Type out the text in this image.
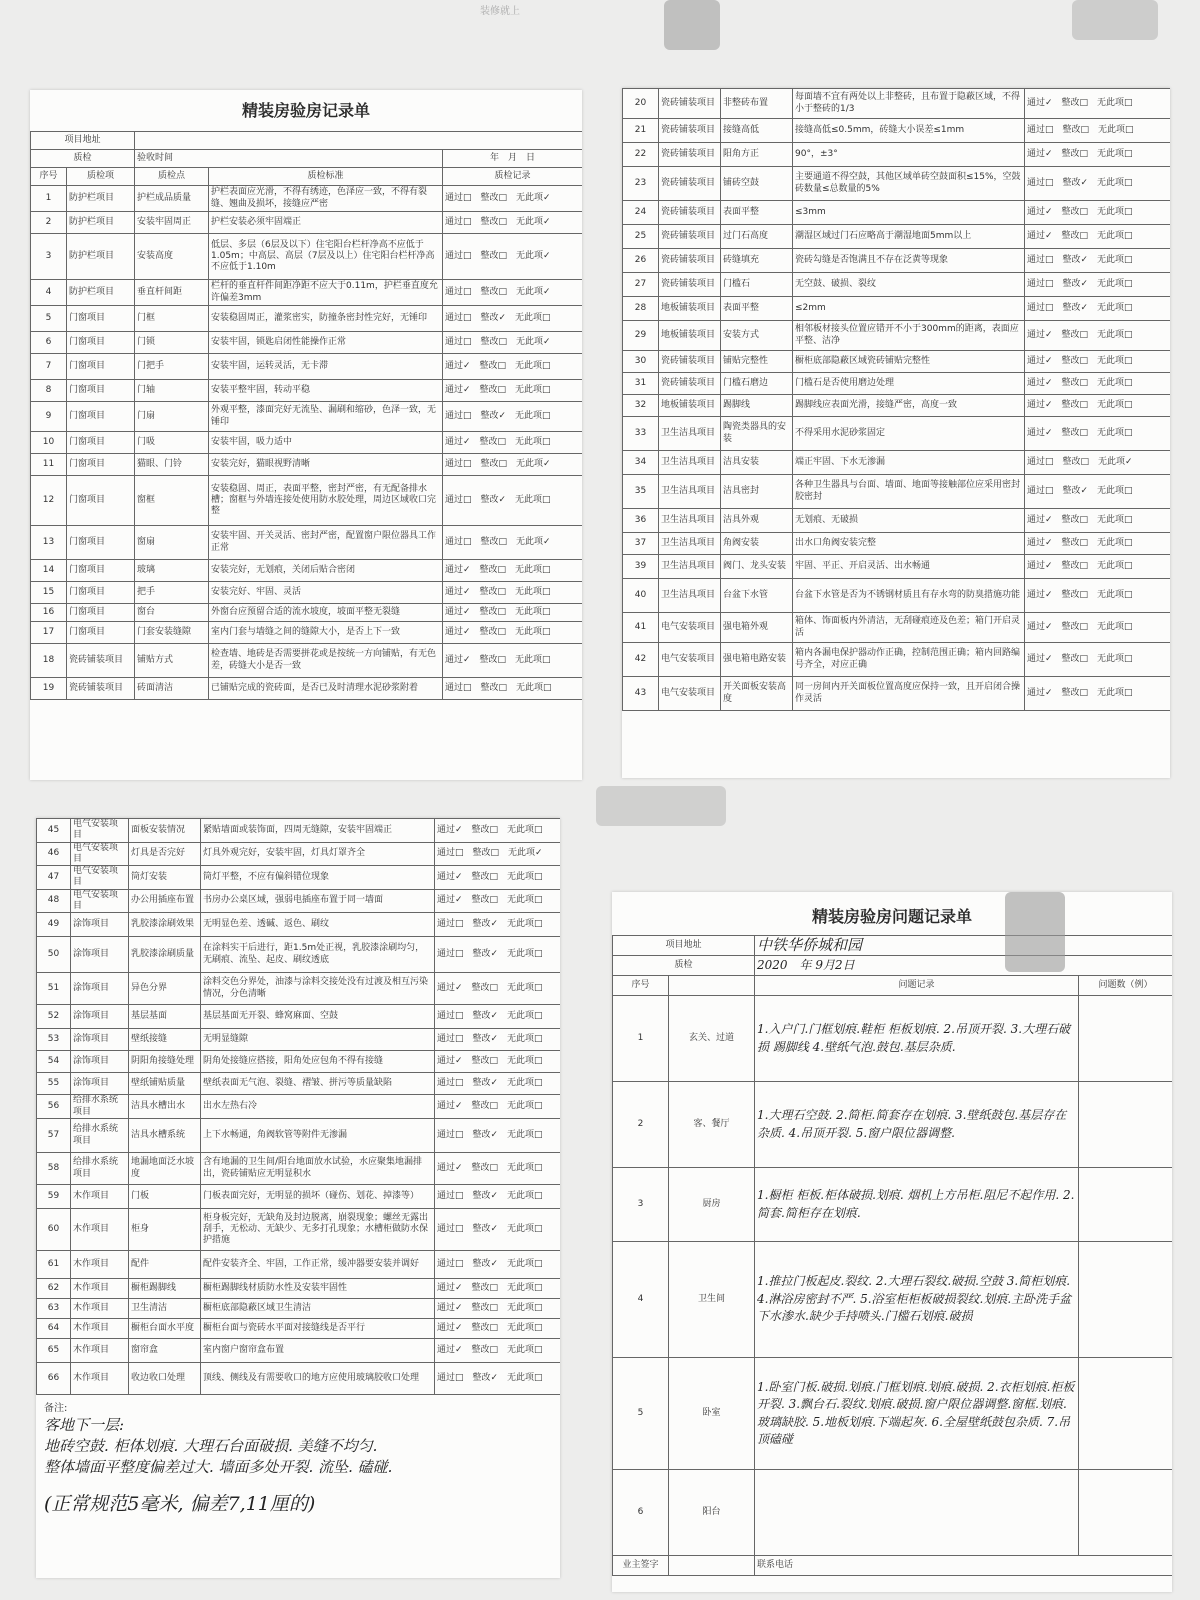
装修就上
精装房验房记录单
项目地址				
质检		验收时间		年　月　日
序号	质检项	质检点	质检标准	质检记录
1	防护栏项目	护栏成品质量	护栏表面应光滑，不得有绣迹，色泽应一致，不得有裂缝、翘曲及损坏，接缝应严密	通过□　整改□　无此项✓
2	防护栏项目	安装牢固周正	护栏安装必须牢固端正	通过□　整改□　无此项✓
3	防护栏项目	安装高度	低层、多层（6层及以下）住宅阳台栏杆净高不应低于1.05m；中高层、高层（7层及以上）住宅阳台栏杆净高不应低于1.10m	通过□　整改□　无此项✓
4	防护栏项目	垂直杆间距	栏杆的垂直杆件间距净距不应大于0.11m，护栏垂直度允许偏差3mm	通过□　整改□　无此项✓
5	门窗项目	门框	安装稳固周正，灌浆密实，防撞条密封性完好，无锤印	通过□　整改✓　无此项□
6	门窗项目	门锁	安装牢固，锁匙启闭性能操作正常	通过□　整改□　无此项✓
7	门窗项目	门把手	安装牢固，运转灵活，无卡滞	通过✓　整改□　无此项□
8	门窗项目	门轴	安装平整牢固，转动平稳	通过✓　整改□　无此项□
9	门窗项目	门扇	外观平整，漆面完好无流坠、漏刷和缩砂，色泽一致，无锤印	通过□　整改✓　无此项□
10	门窗项目	门吸	安装牢固，吸力适中	通过✓　整改□　无此项□
11	门窗项目	猫眼、门铃	安装完好，猫眼视野清晰	通过□　整改□　无此项✓
12	门窗项目	窗框	安装稳固、周正，表面平整，密封严密，有无配备排水槽；窗框与外墙连接处使用防水胶处理，周边区域收口完整	通过□　整改✓　无此项□
13	门窗项目	窗扇	安装牢固、开关灵活、密封严密，配置窗户限位器具工作正常	通过□　整改□　无此项✓
14	门窗项目	玻璃	安装完好，无划痕，关闭后贴合密闭	通过✓　整改□　无此项□
15	门窗项目	把手	安装完好、牢固、灵活	通过✓　整改□　无此项□
16	门窗项目	窗台	外窗台应预留合适的流水坡度，坡面平整无裂缝	通过✓　整改□　无此项□
17	门窗项目	门套安装缝隙	室内门套与墙缝之间的缝隙大小，是否上下一致	通过✓　整改□　无此项□
18	瓷砖铺装项目	铺贴方式	检查墙、地砖是否需要拼花或是按统一方向铺贴，有无色差，砖缝大小是否一致	通过✓　整改□　无此项□
19	瓷砖铺装项目	砖面清洁	已铺贴完成的瓷砖面，是否已及时清理水泥砂浆附着	通过□　整改□　无此项□
20	瓷砖铺装项目	非整砖布置	每面墙不宜有两处以上非整砖，且布置于隐蔽区域，不得小于整砖的1/3	通过✓　整改□　无此项□
21	瓷砖铺装项目	接缝高低	接缝高低≤0.5mm，砖缝大小误差≤1mm	通过□　整改□　无此项□
22	瓷砖铺装项目	阳角方正	90°，±3°	通过✓　整改□　无此项□
23	瓷砖铺装项目	铺砖空鼓	主要通道不得空鼓，其他区域单砖空鼓面积≤15%，空鼓砖数量≤总数量的5%	通过□　整改✓　无此项□
24	瓷砖铺装项目	表面平整	≤3mm	通过✓　整改□　无此项□
25	瓷砖铺装项目	过门石高度	潮湿区域过门石应略高于潮湿地面5mm以上	通过✓　整改□　无此项□
26	瓷砖铺装项目	砖缝填充	瓷砖勾缝是否饱满且不存在泛黄等现象	通过□　整改✓　无此项□
27	瓷砖铺装项目	门槛石	无空鼓、破损、裂纹	通过□　整改✓　无此项□
28	地板铺装项目	表面平整	≤2mm	通过□　整改✓　无此项□
29	地板铺装项目	安装方式	相邻板材接头位置应错开不小于300mm的距离，表面应平整、洁净	通过✓　整改□　无此项□
30	瓷砖铺装项目	铺贴完整性	橱柜底部隐蔽区域瓷砖铺贴完整性	通过✓　整改□　无此项□
31	瓷砖铺装项目	门槛石磨边	门槛石是否使用磨边处理	通过✓　整改□　无此项□
32	地板铺装项目	踢脚线	踢脚线应表面光滑，接缝严密，高度一致	通过✓　整改□　无此项□
33	卫生洁具项目	陶瓷类器具的安装	不得采用水泥砂浆固定	通过✓　整改□　无此项□
34	卫生洁具项目	洁具安装	端正牢固、下水无渗漏	通过□　整改□　无此项✓
35	卫生洁具项目	洁具密封	各种卫生器具与台面、墙面、地面等接触部位应采用密封胶密封	通过□　整改✓　无此项□
36	卫生洁具项目	洁具外观	无划痕、无破损	通过✓　整改□　无此项□
37	卫生洁具项目	角阀安装	出水口角阀安装完整	通过✓　整改□　无此项□
39	卫生洁具项目	阀门、龙头安装	牢固、平正、开启灵活、出水畅通	通过✓　整改□　无此项□
40	卫生洁具项目	台盆下水管	台盆下水管是否为不锈钢材质且有存水弯的防臭措施功能	通过✓　整改□　无此项□
41	电气安装项目	强电箱外观	箱体、饰面板内外清洁，无刮碰痕迹及色差；箱门开启灵活	通过✓　整改□　无此项□
42	电气安装项目	强电箱电路安装	箱内各漏电保护器动作正确，控制范围正确；箱内回路编号齐全，对应正确	通过✓　整改□　无此项□
43	电气安装项目	开关面板安装高度	同一房间内开关面板位置高度应保持一致，且开启闭合操作灵活	通过✓　整改□　无此项□
45	电气安装项目	面板安装情况	紧贴墙面或装饰面，四周无缝隙，安装牢固端正	通过✓　整改□　无此项□
46	电气安装项目	灯具是否完好	灯具外观完好，安装牢固，灯具灯罩齐全	通过□　整改□　无此项✓
47	电气安装项目	筒灯安装	筒灯平整，不应有偏斜错位现象	通过✓　整改□　无此项□
48	电气安装项目	办公用插座布置	书房办公桌区域，强弱电插座布置于同一墙面	通过✓　整改□　无此项□
49	涂饰项目	乳胶漆涂刷效果	无明显色差、透碱、返色、刷纹	通过□　整改✓　无此项□
50	涂饰项目	乳胶漆涂刷质量	在涂料实干后进行，距1.5m处正视，乳胶漆涂刷均匀，无刷痕、流坠、起皮、刷纹透底	通过□　整改✓　无此项□
51	涂饰项目	异色分界	涂料交色分界处，油漆与涂料交接处没有过渡及相互污染情况，分色清晰	通过✓　整改□　无此项□
52	涂饰项目	基层基面	基层基面无开裂、蜂窝麻面、空鼓	通过□　整改✓　无此项□
53	涂饰项目	壁纸接缝	无明显缝隙	通过□　整改✓　无此项□
54	涂饰项目	阴阳角接缝处理	阴角处接缝应搭接，阳角处应包角不得有接缝	通过✓　整改□　无此项□
55	涂饰项目	壁纸铺贴质量	壁纸表面无气泡、裂缝、褶皱、拼污等质量缺陷	通过□　整改✓　无此项□
56	给排水系统项目	洁具水槽出水	出水左热右冷	通过✓　整改□　无此项□
57	给排水系统项目	洁具水槽系统	上下水畅通，角阀软管等附件无渗漏	通过□　整改✓　无此项□
58	给排水系统项目	地漏地面泛水坡度	含有地漏的卫生间/阳台地面放水试验，水应聚集地漏排出，瓷砖铺贴应无明显积水	通过✓　整改□　无此项□
59	木作项目	门板	门板表面完好，无明显的损坏（碰伤、划花、掉漆等）	通过□　整改✓　无此项□
60	木作项目	柜身	柜身板完好，无缺角及封边脱离，崩裂现象；螺丝无露出刮手，无松动、无缺少、无多打孔现象；水槽柜做防水保护措施	通过□　整改✓　无此项□
61	木作项目	配件	配件安装齐全、牢固，工作正常，缓冲器要安装并调好	通过□　整改✓　无此项□
62	木作项目	橱柜踢脚线	橱柜踢脚线材质防水性及安装牢固性	通过✓　整改□　无此项□
63	木作项目	卫生清洁	橱柜底部隐蔽区域卫生清洁	通过✓　整改□　无此项□
64	木作项目	橱柜台面水平度	橱柜台面与瓷砖水平面对接缝线是否平行	通过✓　整改□　无此项□
65	木作项目	窗帘盒	室内窗户窗帘盒布置	通过✓　整改□　无此项□
66	木作项目	收边收口处理	顶线、侧线及有需要收口的地方应使用玻璃胶收口处理	通过□　整改✓　无此项□
备注:
客地下一层:
地砖空鼓. 柜体划痕. 大理石台面破损. 美缝不均匀.
整体墙面平整度偏差过大. 墙面多处开裂. 流坠. 磕碰.
(正常规范5毫米, 偏差7,11厘的)
精装房验房问题记录单
项目地址		中铁华侨城和园	
质检		2020　年 9月2日	
序号		问题记录	问题数（例）
1	玄关、过道	1.入户门.门框划痕.鞋柜 柜板划痕. 2.吊顶开裂. 3.大理石破损 踢脚线 4.壁纸气泡.鼓包.基层杂质.	
2	客、餐厅	1.大理石空鼓. 2.简柜.简套存在划痕. 3.壁纸鼓包.基层存在杂质. 4.吊顶开裂. 5.窗户限位器调整.	
3	厨房	1.橱柜 柜板.柜体破损.划痕. 烟机上方吊柜.阻尼不起作用. 2.简套.简柜存在划痕.	
4	卫生间	1.推拉门板起皮.裂纹. 2.大理石裂纹.破损.空鼓 3.简柜划痕. 4.淋浴房密封不严. 5.浴室柜柜板破损裂纹.划痕.主卧洗手盆下水渗水.缺少手持喷头.门槛石划痕.破损	
5	卧室	1.卧室门板.破损.划痕.门框划痕.划痕.破损. 2.衣柜划痕.柜板开裂. 3.飘台石.裂纹.划痕.破损.窗户限位器调整.窗框.划痕.玻璃缺胶. 5.地板划痕.下端起灰. 6.全屋壁纸鼓包杂质. 7.吊顶磕碰	
6	阳台		
业主签字		联系电话	
